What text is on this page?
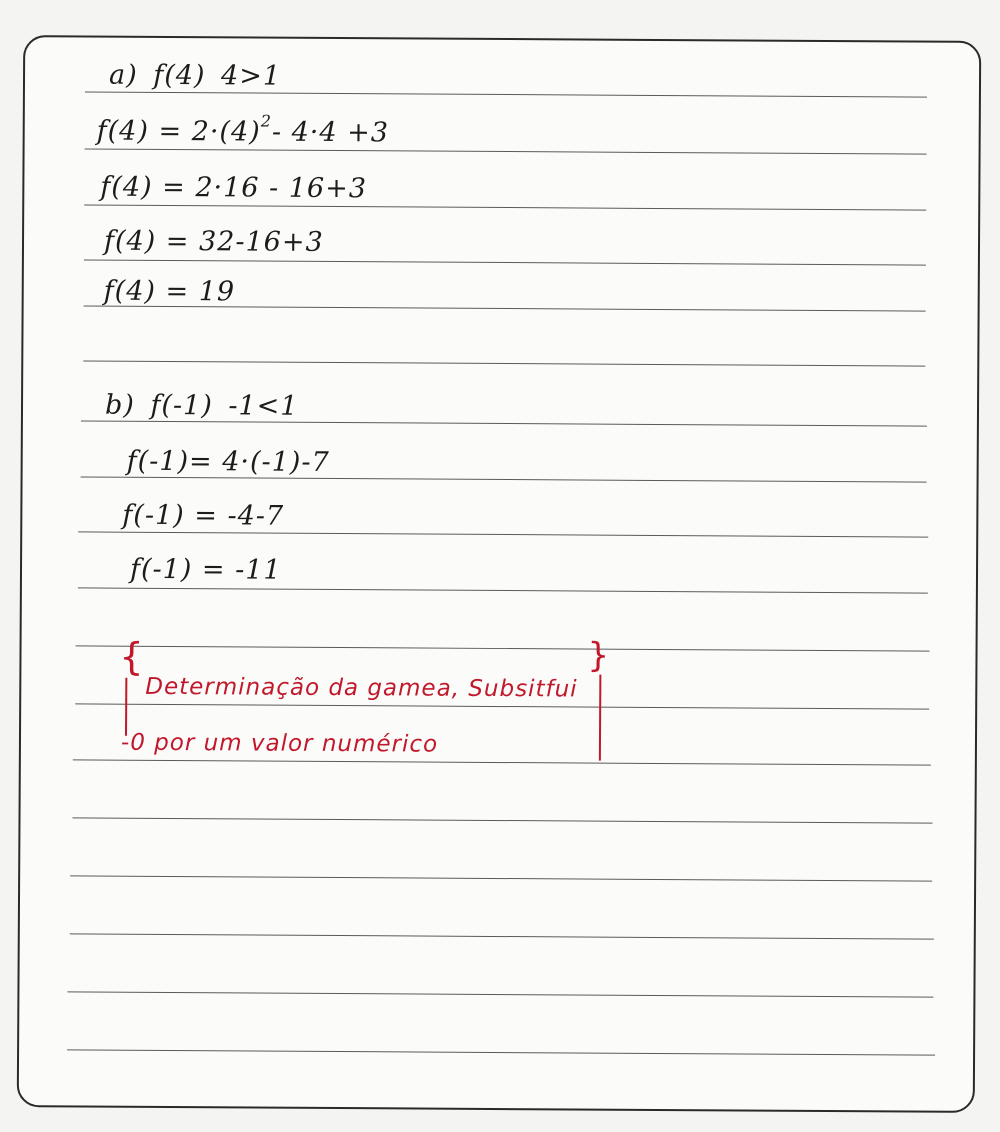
a) f(4) 4>1
$f(4) = 2\cdot(4)^2-$ 4·4 +3
f(4) = 2·16 - 16+3
f(4) = 32-16+3
f(4) = 19
b) f(-1) -1<1
f(-1)= 4·(-1)-7
f(-1) = -4-7
f(-1) = -11
{	}
Determinação da gamea, Subsitfui
-0 por um valor numérico
